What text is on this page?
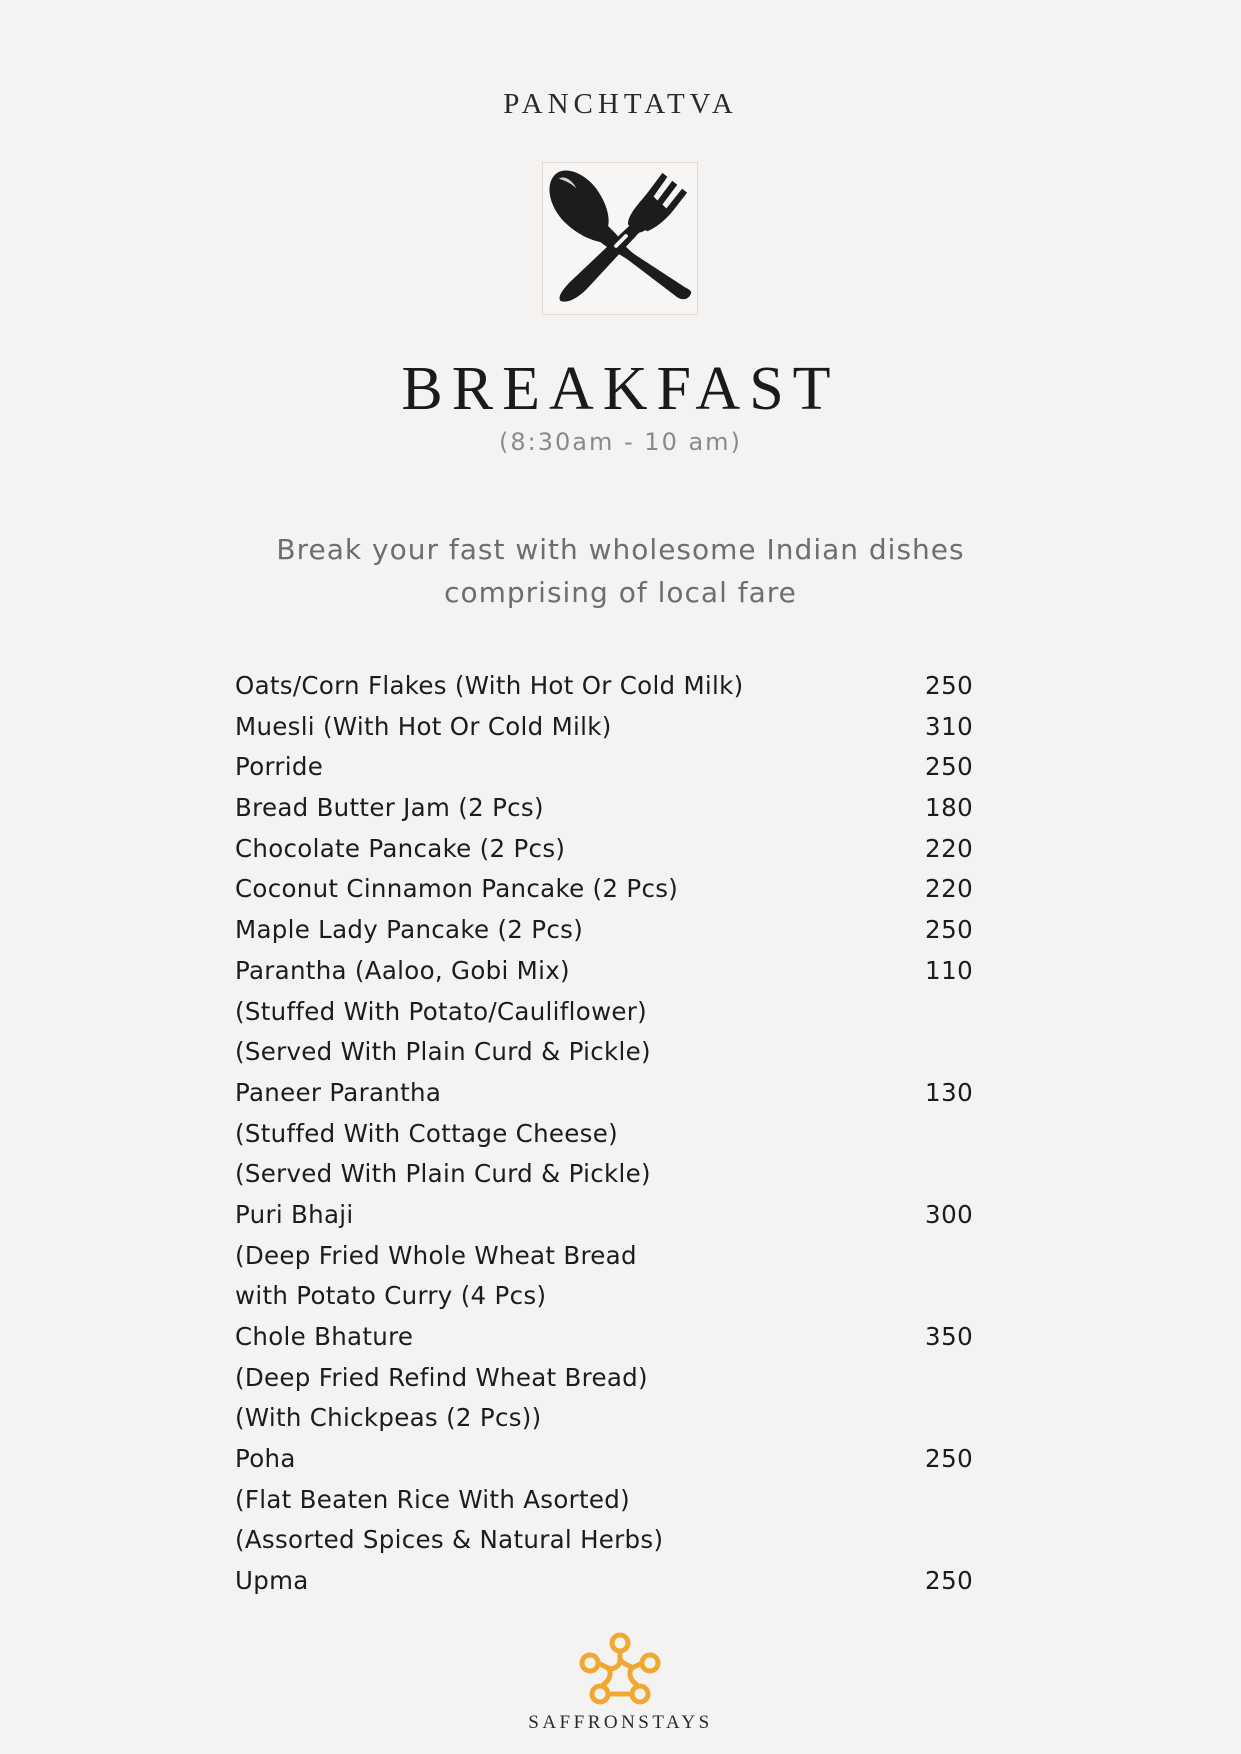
PANCHTATVA
BREAKFAST
(8:30am - 10 am)
Break your fast with wholesome Indian dishes
comprising of local fare
Oats/Corn Flakes (With Hot Or Cold Milk)	250
Muesli (With Hot Or Cold Milk)	310
Porride	250
Bread Butter Jam (2 Pcs)	180
Chocolate Pancake (2 Pcs)	220
Coconut Cinnamon Pancake (2 Pcs)	220
Maple Lady Pancake (2 Pcs)	250
Parantha (Aaloo, Gobi Mix)	110
(Stuffed With Potato/Cauliflower)
(Served With Plain Curd & Pickle)
Paneer Parantha	130
(Stuffed With Cottage Cheese)
(Served With Plain Curd & Pickle)
Puri Bhaji	300
(Deep Fried Whole Wheat Bread
with Potato Curry (4 Pcs)
Chole Bhature	350
(Deep Fried Refind Wheat Bread)
(With Chickpeas (2 Pcs))
Poha	250
(Flat Beaten Rice With Asorted)
(Assorted Spices & Natural Herbs)
Upma	250
SAFFRONSTAYS
